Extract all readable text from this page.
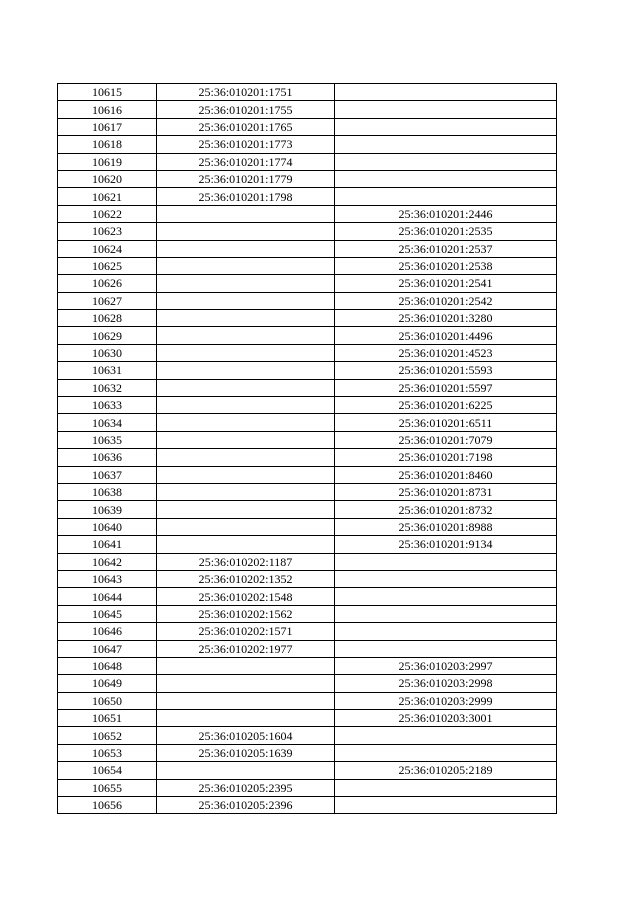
10615	25:36:010201:1751	
10616	25:36:010201:1755	
10617	25:36:010201:1765	
10618	25:36:010201:1773	
10619	25:36:010201:1774	
10620	25:36:010201:1779	
10621	25:36:010201:1798	
10622		25:36:010201:2446
10623		25:36:010201:2535
10624		25:36:010201:2537
10625		25:36:010201:2538
10626		25:36:010201:2541
10627		25:36:010201:2542
10628		25:36:010201:3280
10629		25:36:010201:4496
10630		25:36:010201:4523
10631		25:36:010201:5593
10632		25:36:010201:5597
10633		25:36:010201:6225
10634		25:36:010201:6511
10635		25:36:010201:7079
10636		25:36:010201:7198
10637		25:36:010201:8460
10638		25:36:010201:8731
10639		25:36:010201:8732
10640		25:36:010201:8988
10641		25:36:010201:9134
10642	25:36:010202:1187	
10643	25:36:010202:1352	
10644	25:36:010202:1548	
10645	25:36:010202:1562	
10646	25:36:010202:1571	
10647	25:36:010202:1977	
10648		25:36:010203:2997
10649		25:36:010203:2998
10650		25:36:010203:2999
10651		25:36:010203:3001
10652	25:36:010205:1604	
10653	25:36:010205:1639	
10654		25:36:010205:2189
10655	25:36:010205:2395	
10656	25:36:010205:2396	
